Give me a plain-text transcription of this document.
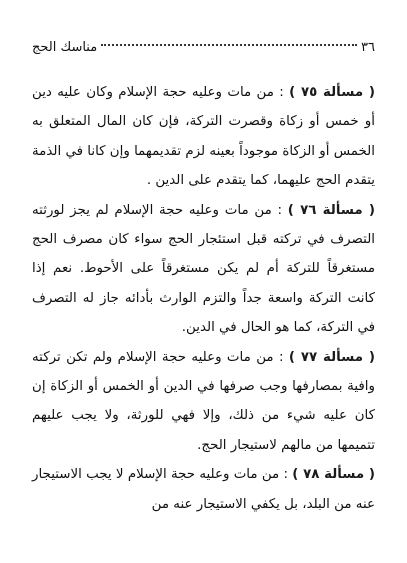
٣٦
مناسك الحج

( مسألة ٧٥ ) : من مات وعليه حجة الإسلام وكان عليه دين أو خمس أو زكاة وقصرت التركة، فإن كان المال المتعلق به الخمس أو الزكاة موجوداً بعينه لزم تقديمهما وإن كانا في الذمة يتقدم الحج عليهما، كما يتقدم على الدين .

( مسألة ٧٦ ) : من مات وعليه حجة الإسلام لم يجز لورثته التصرف في تركته قبل استئجار الحج سواء كان مصرف الحج مستغرقاً للتركة أم لم يكن مستغرقاً على الأحوط. نعم إذا كانت التركة واسعة جداً والتزم الوارث بأدائه جاز له التصرف في التركة، كما هو الحال في الدين.

( مسألة ٧٧ ) : من مات وعليه حجة الإسلام ولم تكن تركته وافية بمصارفها وجب صرفها في الدين أو الخمس أو الزكاة إن كان عليه شيء من ذلك، وإلا فهي للورثة، ولا يجب عليهم تتميمها من مالهم لاستيجار الحج.

( مسألة ٧٨ ) : من مات وعليه حجة الإسلام لا يجب الاستيجار عنه من البلد، بل يكفي الاستيجار عنه من
